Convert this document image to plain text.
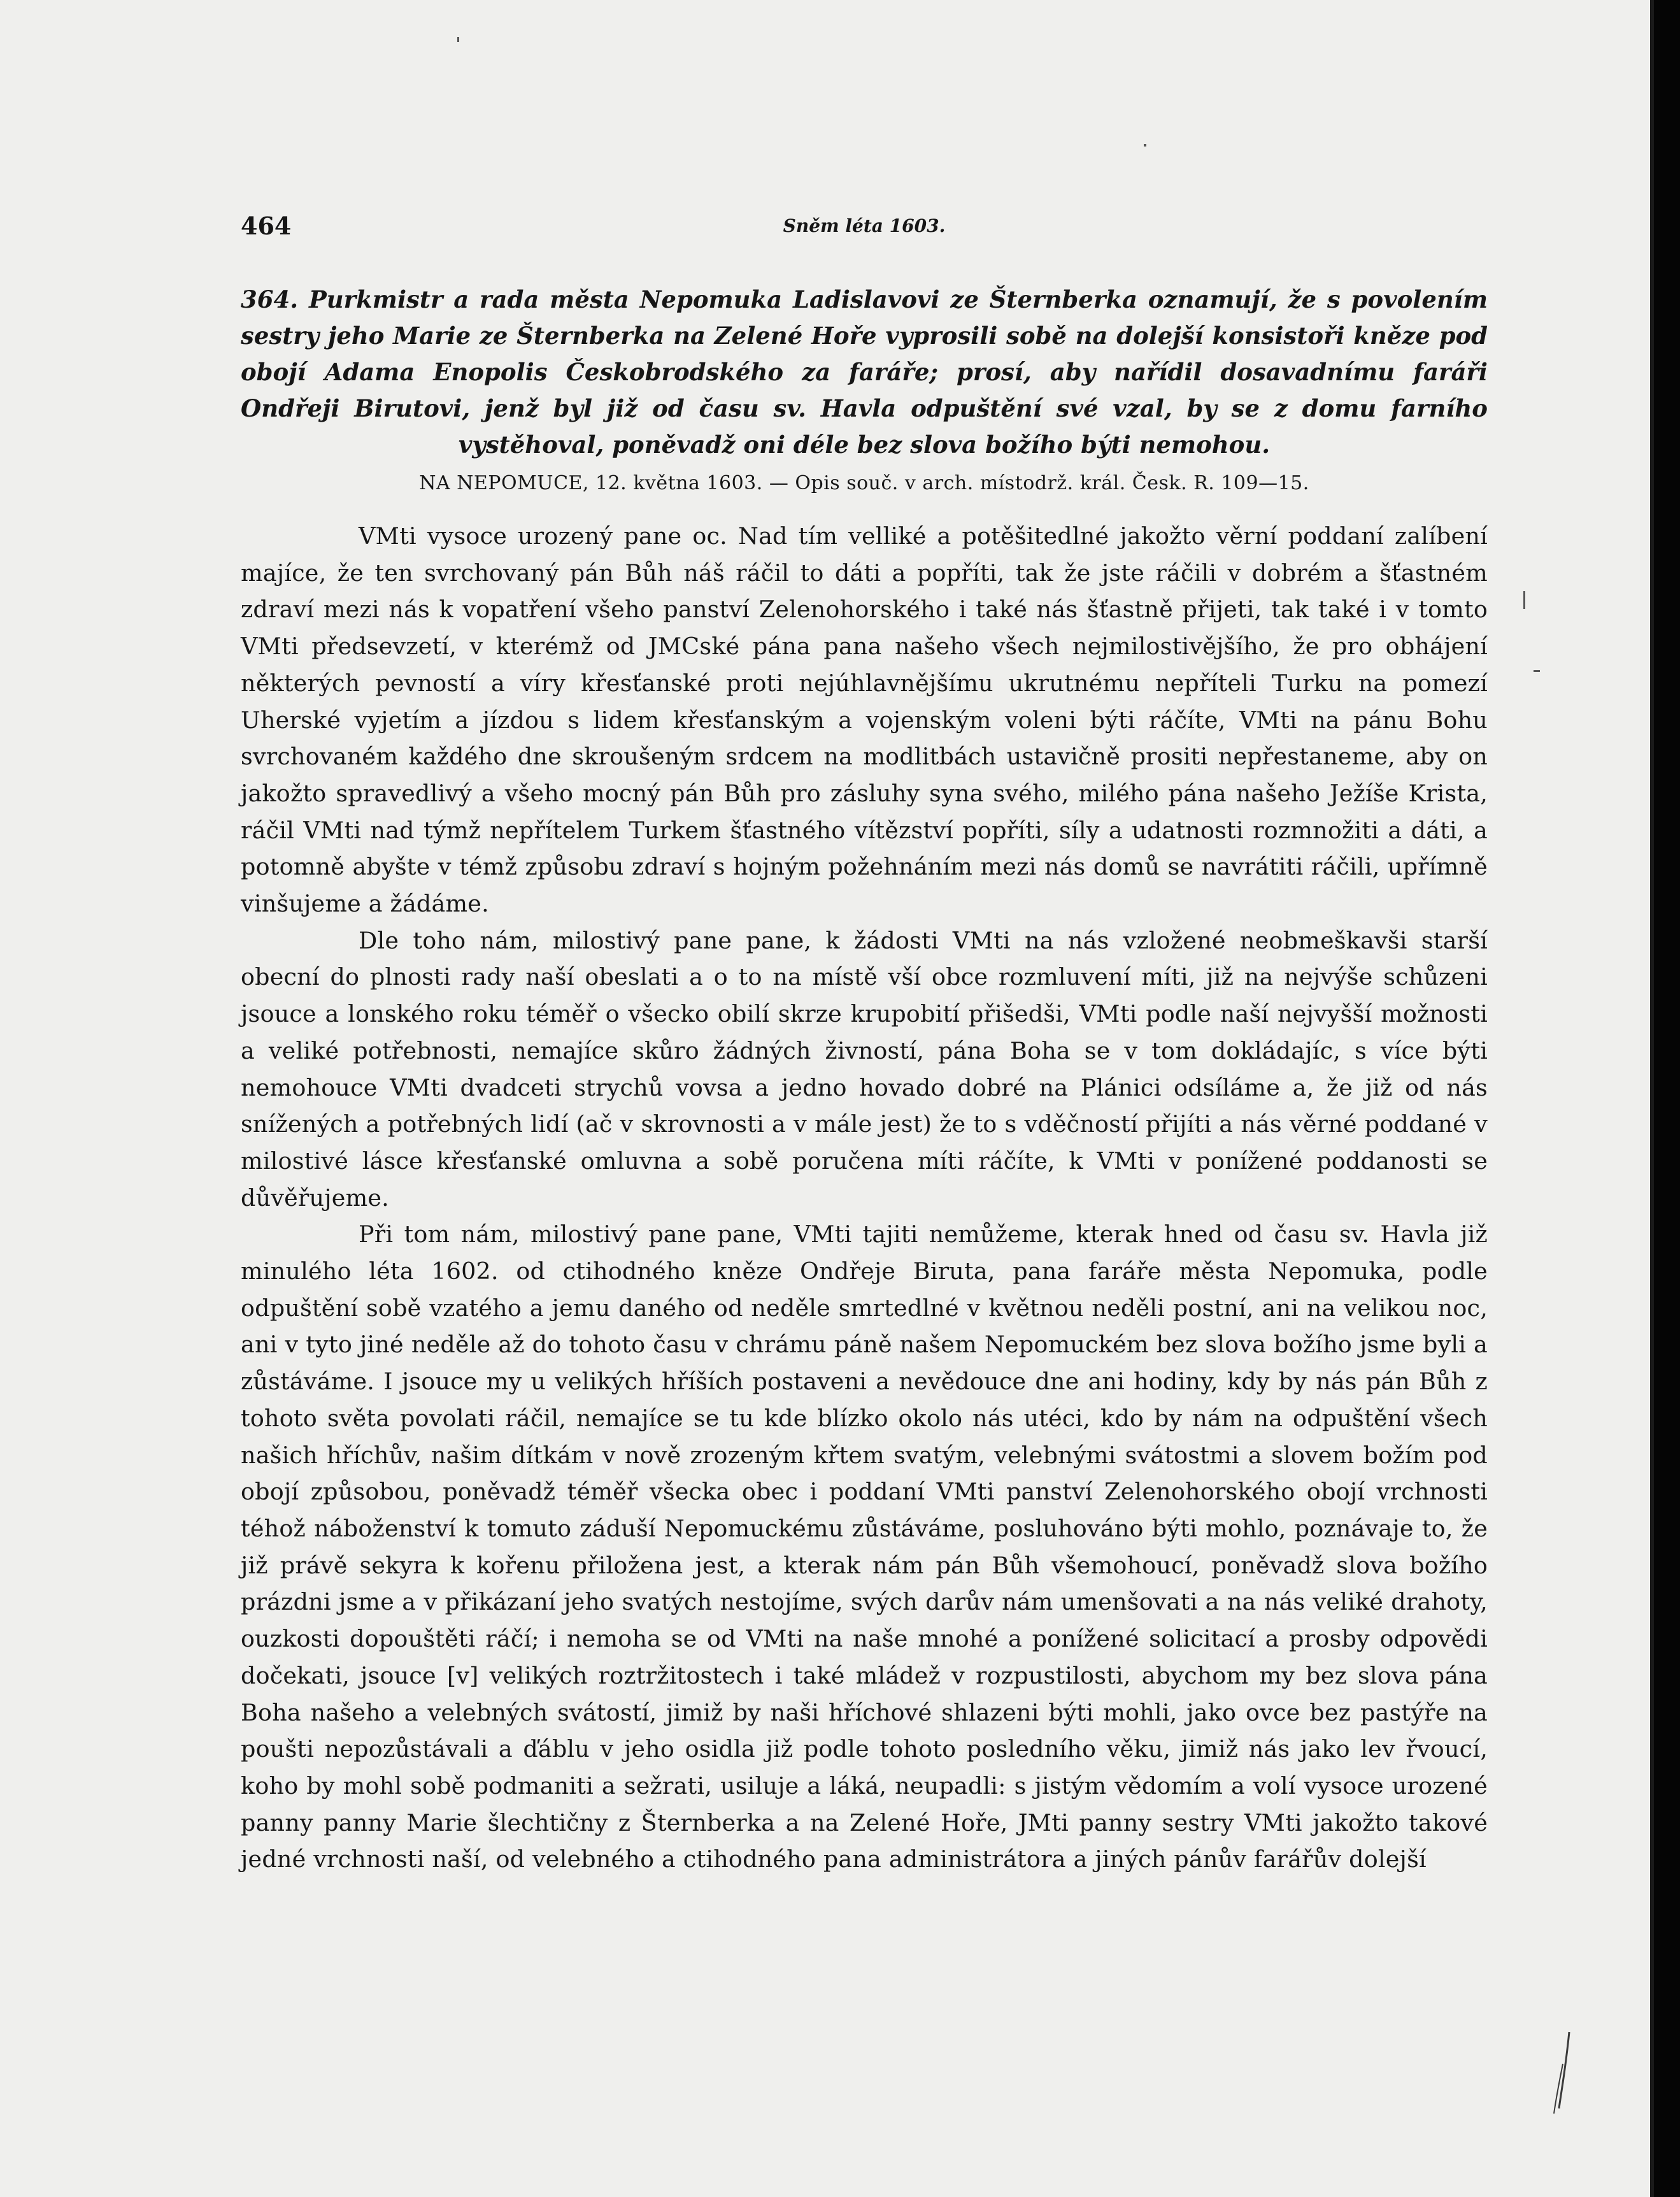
464	Sněm léta 1603.
364. Purkmistr a rada města Nepomuka Ladislavovi ze Šternberka oznamují, že s povolením sestry jeho Marie ze Šternberka na Zelené Hoře vyprosili sobě na dolejší konsistoři kněze pod obojí Adama Enopolis Českobrodského za faráře; prosí, aby nařídil dosavadnímu faráři Ondřeji Birutovi, jenž byl již od času sv. Havla odpuštění své vzal, by se z domu farního vystěhoval, poněvadž oni déle bez slova božího býti nemohou.
NA NEPOMUCE, 12. května 1603. — Opis souč. v arch. místodrž. král. Česk. R. 109—15.

VMti vysoce urozený pane oc. Nad tím velliké a potěšitedlné jakožto věrní poddaní zalíbení majíce, že ten svrchovaný pán Bůh náš ráčil to dáti a popříti, tak že jste ráčili v dobrém a šťastném zdraví mezi nás k vopatření všeho panství Zelenohorského i také nás šťastně přijeti, tak také i v tomto VMti předsevzetí, v kterémž od JMCské pána pana našeho všech nejmilostivějšího, že pro obhájení některých pevností a víry křesťanské proti nejúhlavnějšímu ukrutnému nepříteli Turku na pomezí Uherské vyjetím a jízdou s lidem křesťanským a vojenským voleni býti ráčíte, VMti na pánu Bohu svrchovaném každého dne skroušeným srdcem na modlitbách ustavičně prositi nepřestaneme, aby on jakožto spravedlivý a všeho mocný pán Bůh pro zásluhy syna svého, milého pána našeho Ježíše Krista, ráčil VMti nad týmž nepřítelem Turkem šťastného vítězství popříti, síly a udatnosti rozmnožiti a dáti, a potomně abyšte v témž způsobu zdraví s hojným požehnáním mezi nás domů se navrátiti ráčili, upřímně vinšujeme a žádáme.

Dle toho nám, milostivý pane pane, k žádosti VMti na nás vzložené neobmeškavši starší obecní do plnosti rady naší obeslati a o to na místě vší obce rozmluvení míti, již na nejvýše schůzeni jsouce a lonského roku téměř o všecko obilí skrze krupobití přišedši, VMti podle naší nejvyšší možnosti a veliké potřebnosti, nemajíce skůro žádných živností, pána Boha se v tom dokládajíc, s více býti nemohouce VMti dvadceti strychů vovsa a jedno hovado dobré na Plánici odsíláme a, že již od nás snížených a potřebných lidí (ač v skrovnosti a v mále jest) že to s vděčností přijíti a nás věrné poddané v milostivé lásce křesťanské omluvna a sobě poručena míti ráčíte, k VMti v ponížené poddanosti se důvěřujeme.

Při tom nám, milostivý pane pane, VMti tajiti nemůžeme, kterak hned od času sv. Havla již minulého léta 1602. od ctihodného kněze Ondřeje Biruta, pana faráře města Nepomuka, podle odpuštění sobě vzatého a jemu daného od neděle smrtedlné v květnou neděli postní, ani na velikou noc, ani v tyto jiné neděle až do tohoto času v chrámu páně našem Nepomuckém bez slova božího jsme byli a zůstáváme. I jsouce my u velikých hříších postaveni a nevědouce dne ani hodiny, kdy by nás pán Bůh z tohoto světa povolati ráčil, nemajíce se tu kde blízko okolo nás utéci, kdo by nám na odpuštění všech našich hříchův, našim dítkám v nově zrozeným křtem svatým, velebnými svátostmi a slovem božím pod obojí způsobou, poněvadž téměř všecka obec i poddaní VMti panství Zelenohorského obojí vrchnosti téhož náboženství k tomuto záduší Nepomuckému zůstáváme, posluhováno býti mohlo, poznávaje to, že již právě sekyra k kořenu přiložena jest, a kterak nám pán Bůh všemohoucí, poněvadž slova božího prázdni jsme a v přikázaní jeho svatých nestojíme, svých darův nám umenšovati a na nás veliké drahoty, ouzkosti dopouštěti ráčí; i nemoha se od VMti na naše mnohé a ponížené solicitací a prosby odpovědi dočekati, jsouce [v] velikých roztržitostech i také mládež v rozpustilosti, abychom my bez slova pána Boha našeho a velebných svátostí, jimiž by naši hříchové shlazeni býti mohli, jako ovce bez pastýře na poušti nepozůstávali a ďáblu v jeho osidla již podle tohoto posledního věku, jimiž nás jako lev řvoucí, koho by mohl sobě podmaniti a sežrati, usiluje a láká, neupadli: s jistým vědomím a volí vysoce urozené panny panny Marie šlechtičny z Šternberka a na Zelené Hoře, JMti panny sestry VMti jakožto takové jedné vrchnosti naší, od velebného a ctihodného pana administrátora a jiných pánův farářův dolejší
